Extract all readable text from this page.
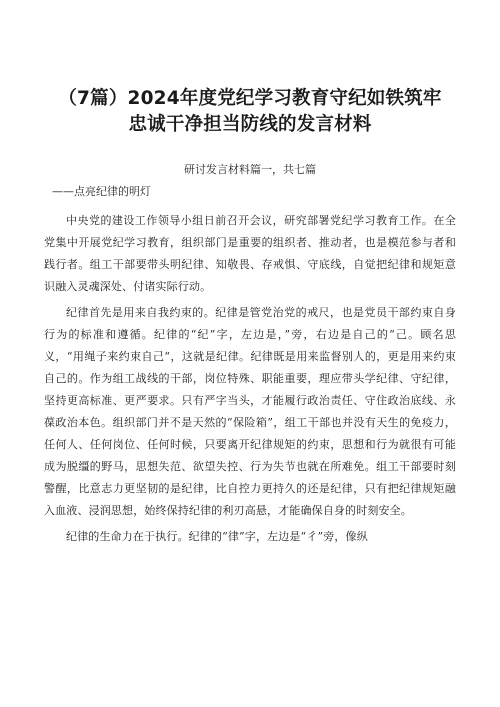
（7篇）2024年度党纪学习教育守纪如铁筑牢
忠诚干净担当防线的发言材料
研讨发言材料篇一，共七篇
——点亮纪律的明灯

中央党的建设工作领导小组日前召开会议，研究部署党纪学习教育工作。在全党集中开展党纪学习教育，组织部门是重要的组织者、推动者，也是模范参与者和践行者。组工干部要带头明纪律、知敬畏、存戒惧、守底线，自觉把纪律和规矩意识融入灵魂深处、付诸实际行动。

纪律首先是用来自我约束的。纪律是管党治党的戒尺，也是党员干部约束自身行为的标准和遵循。纪律的“纪”字，左边是，”旁，右边是自己的“己。顾名思义，“用绳子来约束自己“，这就是纪律。纪律既是用来监督别人的，更是用来约束自己的。作为组工战线的干部，岗位特殊、职能重要，理应带头学纪律、守纪律，坚持更高标准、更严要求。只有严字当头，才能履行政治责任、守住政治底线、永葆政治本色。组织部门并不是天然的“保险箱”，组工干部也并没有天生的免疫力，任何人、任何岗位、任何时候，只要离开纪律规矩的约束，思想和行为就很有可能成为脱缰的野马，思想失范、欲望失控、行为失节也就在所难免。组工干部要时刻警醒，比意志力更坚韧的是纪律，比自控力更持久的还是纪律，只有把纪律规矩融入血液、浸润思想，始终保持纪律的利刃高悬，才能确保自身的时刻安全。

纪律的生命力在于执行。纪律的“律”字，左边是“彳”旁，像纵
